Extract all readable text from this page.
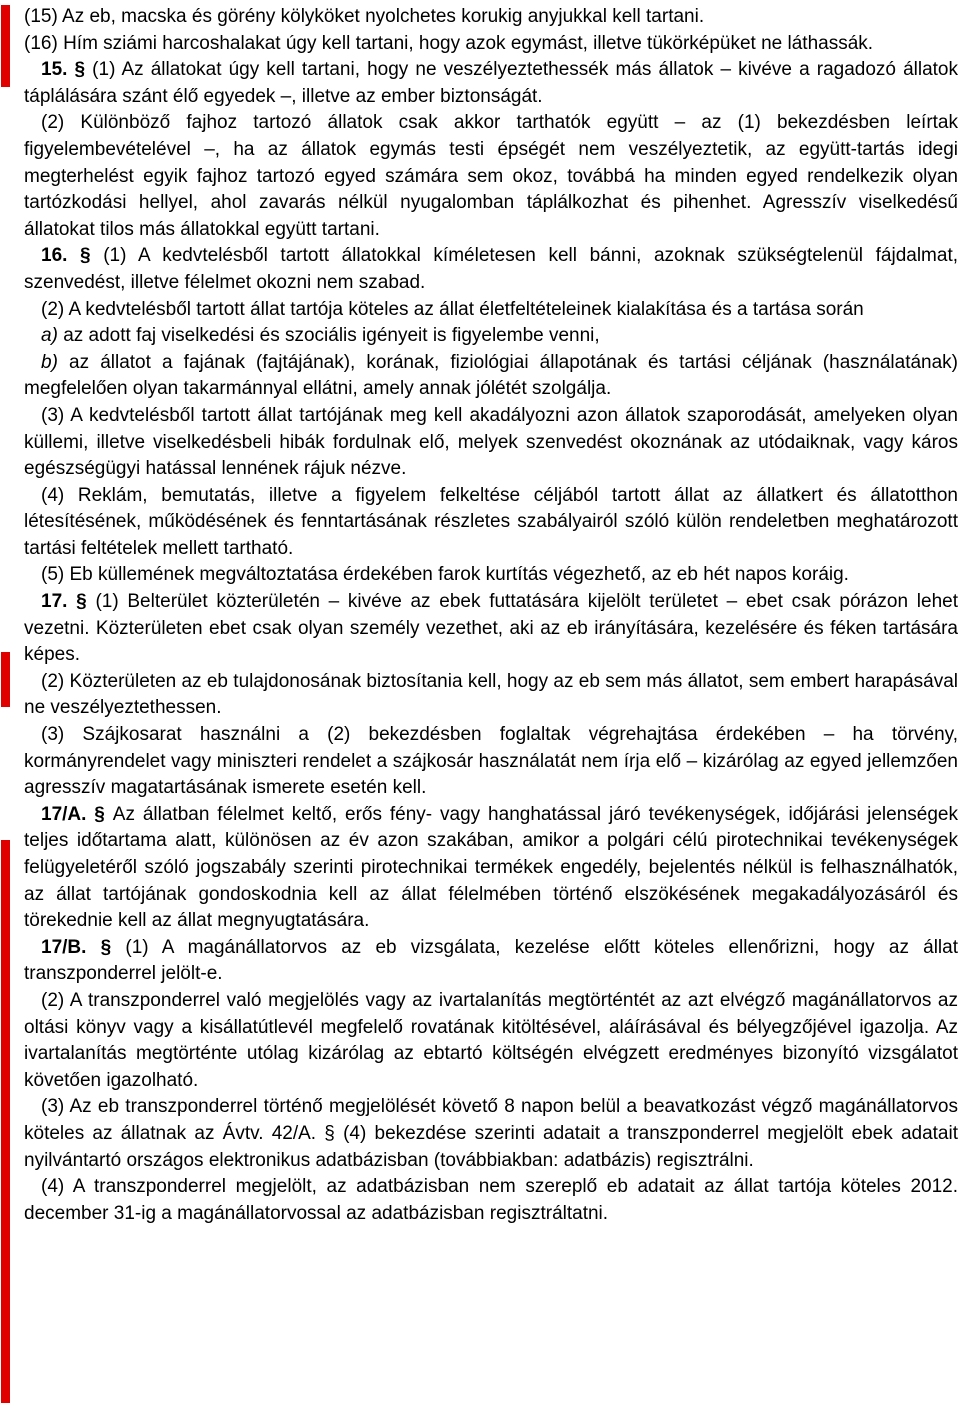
(15) Az eb, macska és görény kölyköket nyolchetes korukig anyjukkal kell tartani.

(16) Hím sziámi harcoshalakat úgy kell tartani, hogy azok egymást, illetve tükörképüket ne láthassák.

15. § (1) Az állatokat úgy kell tartani, hogy ne veszélyeztethessék más állatok – kivéve a ragadozó állatok táplálására szánt élő egyedek –, illetve az ember biztonságát.

(2) Különböző fajhoz tartozó állatok csak akkor tarthatók együtt – az (1) bekezdésben leírtak figyelembevételével –, ha az állatok egymás testi épségét nem veszélyeztetik, az együtt-tartás idegi megterhelést egyik fajhoz tartozó egyed számára sem okoz, továbbá ha minden egyed rendelkezik olyan tartózkodási hellyel, ahol zavarás nélkül nyugalomban táplálkozhat és pihenhet. Agresszív viselkedésű állatokat tilos más állatokkal együtt tartani.

16. § (1) A kedvtelésből tartott állatokkal kíméletesen kell bánni, azoknak szükségtelenül fájdalmat, szenvedést, illetve félelmet okozni nem szabad.

(2) A kedvtelésből tartott állat tartója köteles az állat életfeltételeinek kialakítása és a tartása során

a) az adott faj viselkedési és szociális igényeit is figyelembe venni,

b) az állatot a fajának (fajtájának), korának, fiziológiai állapotának és tartási céljának (használatának) megfelelően olyan takarmánnyal ellátni, amely annak jólétét szolgálja.

(3) A kedvtelésből tartott állat tartójának meg kell akadályozni azon állatok szaporodását, amelyeken olyan küllemi, illetve viselkedésbeli hibák fordulnak elő, melyek szenvedést okoznának az utódaiknak, vagy káros egészségügyi hatással lennének rájuk nézve.

(4) Reklám, bemutatás, illetve a figyelem felkeltése céljából tartott állat az állatkert és állatotthon létesítésének, működésének és fenntartásának részletes szabályairól szóló külön rendeletben meghatározott tartási feltételek mellett tartható.

(5) Eb küllemének megváltoztatása érdekében farok kurtítás végezhető, az eb hét napos koráig.

17. § (1) Belterület közterületén – kivéve az ebek futtatására kijelölt területet – ebet csak pórázon lehet vezetni. Közterületen ebet csak olyan személy vezethet, aki az eb irányítására, kezelésére és féken tartására képes.

(2) Közterületen az eb tulajdonosának biztosítania kell, hogy az eb sem más állatot, sem embert harapásával ne veszélyeztethessen.

(3) Szájkosarat használni a (2) bekezdésben foglaltak végrehajtása érdekében – ha törvény, kormányrendelet vagy miniszteri rendelet a szájkosár használatát nem írja elő – kizárólag az egyed jellemzően agresszív magatartásának ismerete esetén kell.

17/A. § Az állatban félelmet keltő, erős fény- vagy hanghatással járó tevékenységek, időjárási jelenségek teljes időtartama alatt, különösen az év azon szakában, amikor a polgári célú pirotechnikai tevékenységek felügyeletéről szóló jogszabály szerinti pirotechnikai termékek engedély, bejelentés nélkül is felhasználhatók, az állat tartójának gondoskodnia kell az állat félelmében történő elszökésének megakadályozásáról és törekednie kell az állat megnyugtatására.

17/B. § (1) A magánállatorvos az eb vizsgálata, kezelése előtt köteles ellenőrizni, hogy az állat transzponderrel jelölt-e.

(2) A transzponderrel való megjelölés vagy az ivartalanítás megtörténtét az azt elvégző magánállatorvos az oltási könyv vagy a kisállatútlevél megfelelő rovatának kitöltésével, aláírásával és bélyegzőjével igazolja. Az ivartalanítás megtörténte utólag kizárólag az ebtartó költségén elvégzett eredményes bizonyító vizsgálatot követően igazolható.

(3) Az eb transzponderrel történő megjelölését követő 8 napon belül a beavatkozást végző magánállatorvos köteles az állatnak az Ávtv. 42/A. § (4) bekezdése szerinti adatait a transzponderrel megjelölt ebek adatait nyilvántartó országos elektronikus adatbázisban (továbbiakban: adatbázis) regisztrálni.

(4) A transzponderrel megjelölt, az adatbázisban nem szereplő eb adatait az állat tartója köteles 2012. december 31-ig a magánállatorvossal az adatbázisban regisztráltatni.
